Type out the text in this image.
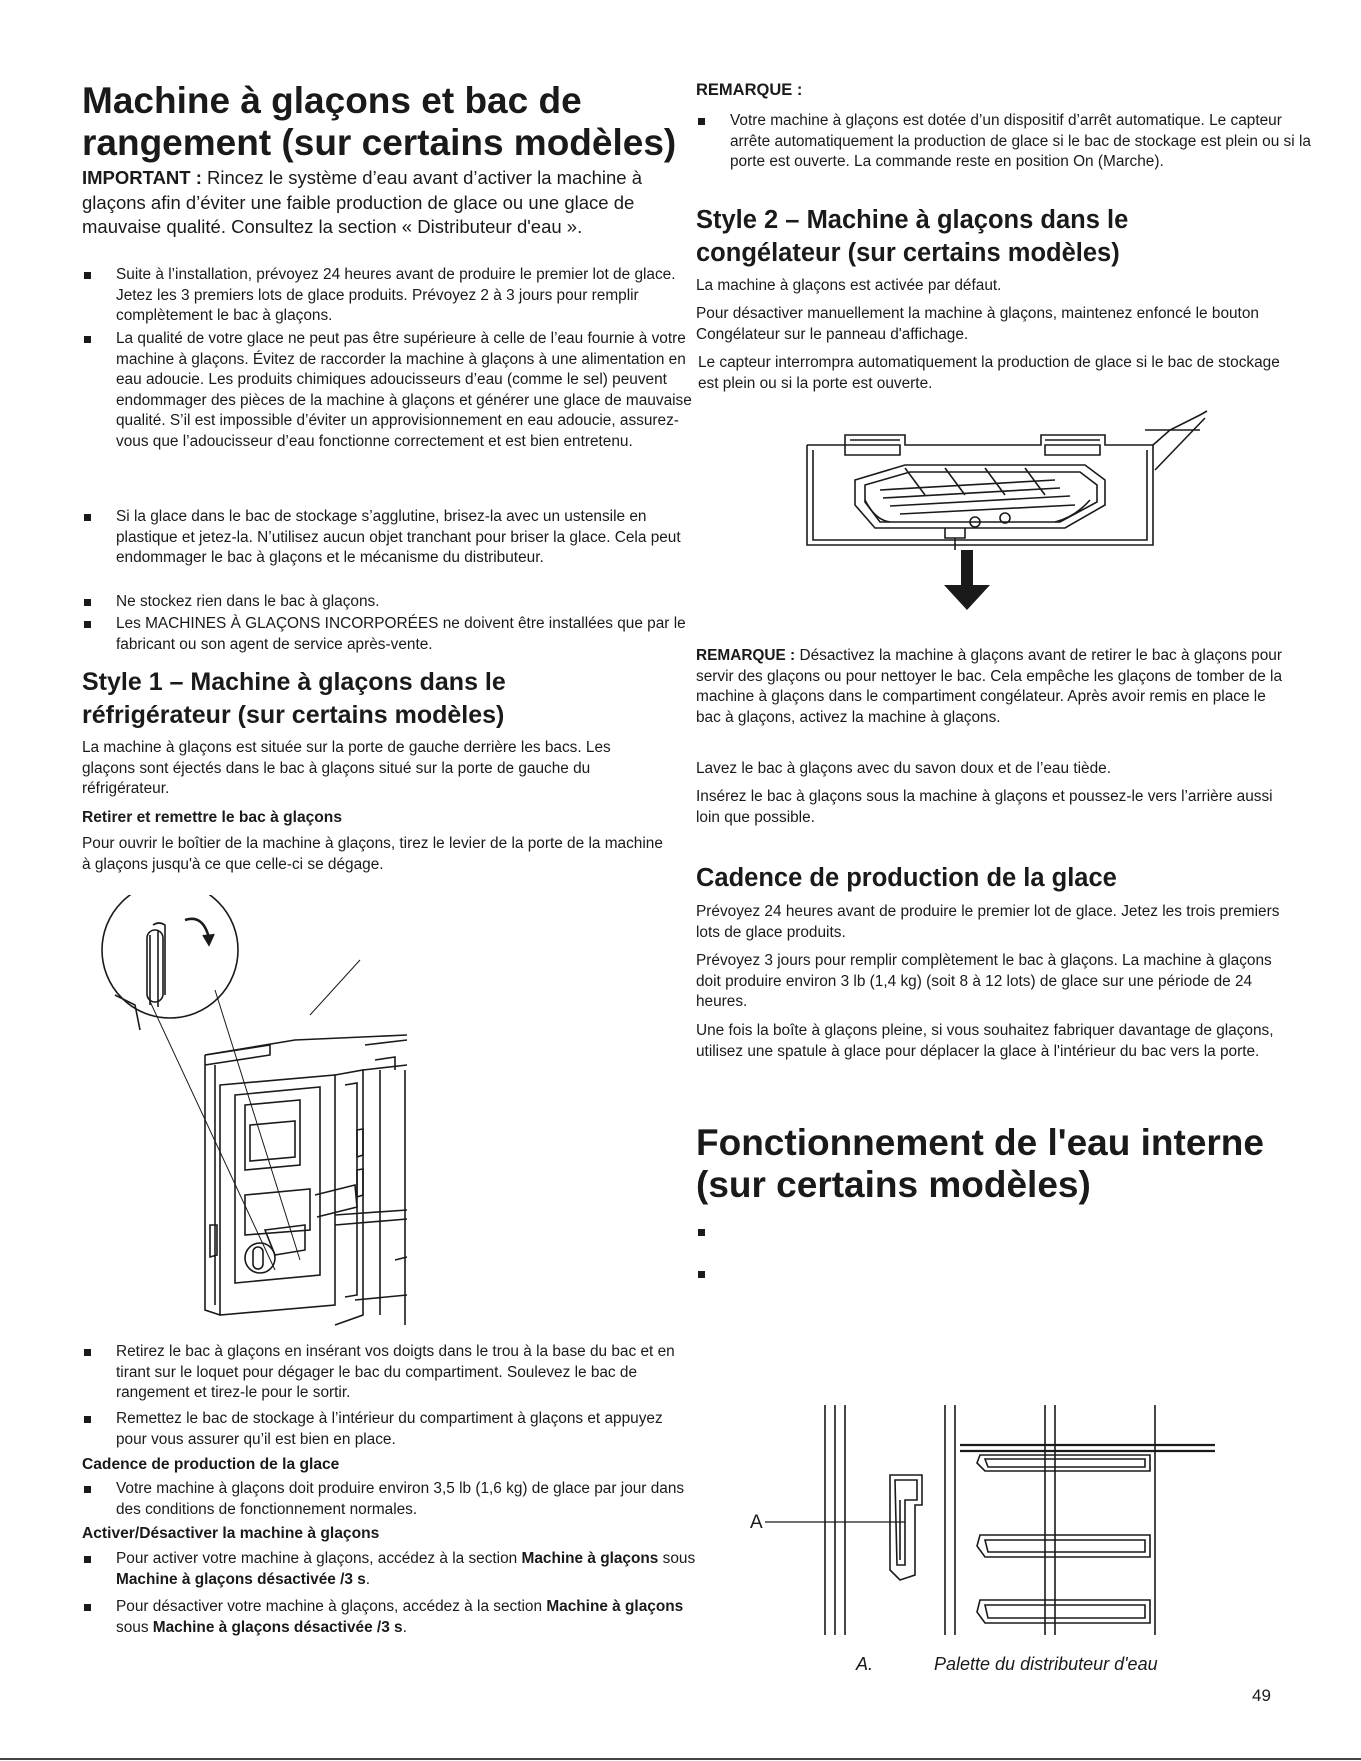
Machine à glaçons et bac de
rangement (sur certains modèles)

IMPORTANT : Rincez le système d’eau avant d’activer la machine à glaçons afin d’éviter une faible production de glace ou une glace de mauvaise qualité. Consultez la section « Distributeur d'eau ».

Suite à l’installation, prévoyez 24 heures avant de produire le premier lot de glace. Jetez les 3 premiers lots de glace produits. Prévoyez 2 à 3 jours pour remplir complètement le bac à glaçons.

La qualité de votre glace ne peut pas être supérieure à celle de l’eau fournie à votre machine à glaçons. Évitez de raccorder la machine à glaçons à une alimentation en eau adoucie. Les produits chimiques adoucisseurs d’eau (comme le sel) peuvent endommager des pièces de la machine à glaçons et générer une glace de mauvaise qualité. S’il est impossible d’éviter un approvisionnement en eau adoucie, assurez-vous que l’adoucisseur d’eau fonctionne correctement et est bien entretenu.

Si la glace dans le bac de stockage s’agglutine, brisez-la avec un ustensile en plastique et jetez-la. N’utilisez aucun objet tranchant pour briser la glace. Cela peut endommager le bac à glaçons et le mécanisme du distributeur.

Ne stockez rien dans le bac à glaçons.

Les MACHINES À GLAÇONS INCORPORÉES ne doivent être installées que par le fabricant ou son agent de service après-vente.

Style 1 – Machine à glaçons dans le
réfrigérateur (sur certains modèles)

La machine à glaçons est située sur la porte de gauche derrière les bacs. Les glaçons sont éjectés dans le bac à glaçons situé sur la porte de gauche du réfrigérateur.

Retirer et remettre le bac à glaçons

Pour ouvrir le boîtier de la machine à glaçons, tirez le levier de la porte de la machine à glaçons jusqu'à ce que celle-ci se dégage.

Retirez le bac à glaçons en insérant vos doigts dans le trou à la base du bac et en tirant sur le loquet pour dégager le bac du compartiment. Soulevez le bac de rangement et tirez-le pour le sortir.

Remettez le bac de stockage à l’intérieur du compartiment à glaçons et appuyez pour vous assurer qu’il est bien en place.

Cadence de production de la glace

Votre machine à glaçons doit produire environ 3,5 lb (1,6 kg) de glace par jour dans des conditions de fonctionnement normales.

Activer/Désactiver la machine à glaçons

Pour activer votre machine à glaçons, accédez à la section Machine à glaçons sous Machine à glaçons désactivée /3 s.

Pour désactiver votre machine à glaçons, accédez à la section Machine à glaçons sous Machine à glaçons désactivée /3 s.

REMARQUE :

Votre machine à glaçons est dotée d’un dispositif d’arrêt automatique. Le capteur arrête automatiquement la production de glace si le bac de stockage est plein ou si la porte est ouverte. La commande reste en position On (Marche).

Style 2 – Machine à glaçons dans le
congélateur (sur certains modèles)

La machine à glaçons est activée par défaut.

Pour désactiver manuellement la machine à glaçons, maintenez enfoncé le bouton Congélateur sur le panneau d'affichage.

Le capteur interrompra automatiquement la production de glace si le bac de stockage est plein ou si la porte est ouverte.

REMARQUE : Désactivez la machine à glaçons avant de retirer le bac à glaçons pour servir des glaçons ou pour nettoyer le bac. Cela empêche les glaçons de tomber de la machine à glaçons dans le compartiment congélateur. Après avoir remis en place le bac à glaçons, activez la machine à glaçons.

Lavez le bac à glaçons avec du savon doux et de l’eau tiède.

Insérez le bac à glaçons sous la machine à glaçons et poussez-le vers l’arrière aussi loin que possible.

Cadence de production de la glace

Prévoyez 24 heures avant de produire le premier lot de glace. Jetez les trois premiers lots de glace produits.

Prévoyez 3 jours pour remplir complètement le bac à glaçons. La machine à glaçons doit produire environ 3 lb (1,4 kg) (soit 8 à 12 lots) de glace sur une période de 24 heures.

Une fois la boîte à glaçons pleine, si vous souhaitez fabriquer davantage de glaçons, utilisez une spatule à glace pour déplacer la glace à l'intérieur du bac vers la porte.

Fonctionnement de l'eau interne
(sur certains modèles)
A
A.	Palette du distributeur d'eau
49
